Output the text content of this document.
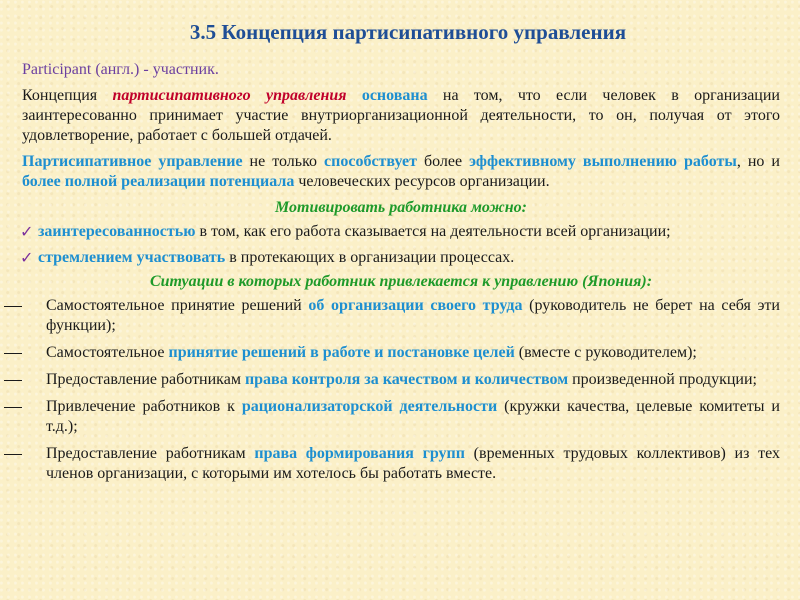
3.5 Концепция партисипативного управления

Participant (англ.) - участник.

Концепция партисипативного управления основана на том, что если человек в организации заинтересованно принимает участие внутриорганизационной деятельности, то он, получая от этого удовлетворение, работает с большей отдачей.

Партисипативное управление не только способствует более эффективному выполнению работы, но и более полной реализации потенциала человеческих ресурсов организации.

Мотивировать работника можно:

✓ заинтересованностью в том, как его работа сказывается на деятельности всей организации;

✓ стремлением участвовать в протекающих в организации процессах.

Ситуации в которых работник привлекается к управлению (Япония):

Самостоятельное принятие решений об организации своего труда (руководитель не берет на себя эти функции);

Самостоятельное принятие решений в работе и постановке целей (вместе с руководителем);

Предоставление работникам права контроля за качеством и количеством произведенной продукции;

Привлечение работников к рационализаторской деятельности (кружки качества, целевые комитеты и т.д.);

Предоставление работникам права формирования групп (временных трудовых коллективов) из тех членов организации, с которыми им хотелось бы работать вместе.
